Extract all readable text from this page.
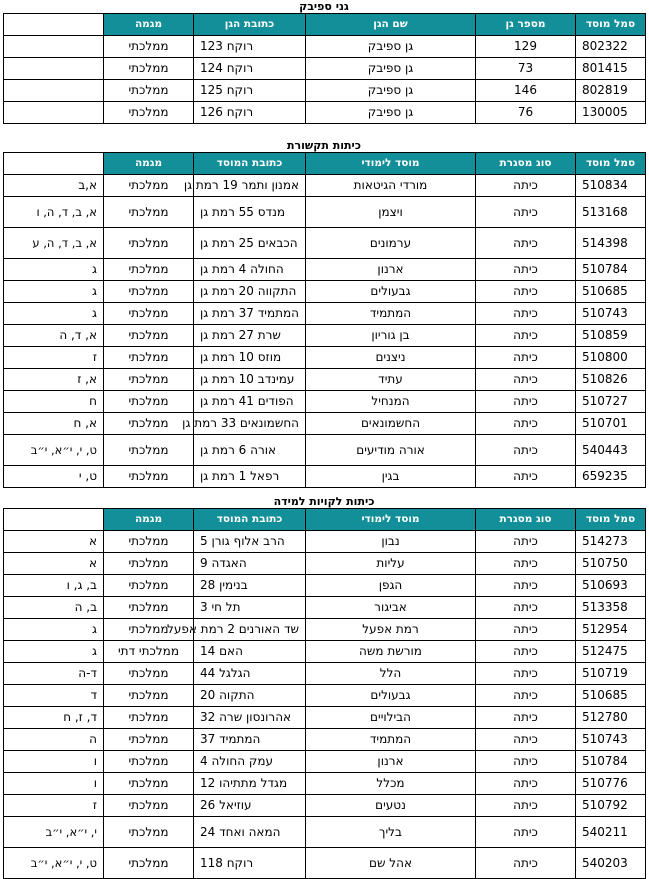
גני ספיבק
סמל מוסד	מספר גן	שם הגן	כתובת הגן	מגמה	
802322	129	גן ספיבק	רוקח 123	ממלכתי	
801415	73	גן ספיבק	רוקח 124	ממלכתי	
802819	146	גן ספיבק	רוקח 125	ממלכתי	
130005	76	גן ספיבק	רוקח 126	ממלכתי	
כיתות תקשורת
סמל מוסד	סוג מסגרת	מוסד לימודי	כתובת המוסד	מגמה	
510834	כיתה	מורדי הגיטאות	אמנון ותמר 19 רמת גן	ממלכתי	א,ב
513168	כיתה	ויצמן	מנדס 55 רמת גן	ממלכתי	א, ב, ד, ה, ו
514398	כיתה	ערמונים	הכבאים 25 רמת גן	ממלכתי	א, ב, ד, ה, ע
510784	כיתה	ארנון	החולה 4 רמת גן	ממלכתי	ג
510685	כיתה	גבעולים	התקווה 20 רמת גן	ממלכתי	ג
510743	כיתה	המתמיד	המתמיד 37 רמת גן	ממלכתי	ג
510859	כיתה	בן גוריון	שרת 27 רמת גן	ממלכתי	א, ד, ה
510800	כיתה	ניצנים	מוזס 10 רמת גן	ממלכתי	ז
510826	כיתה	עתיד	עמינדב 10 רמת גן	ממלכתי	א, ז
510727	כיתה	המנחיל	הפודים 41 רמת גן	ממלכתי	ח
510701	כיתה	החשמונאים	החשמונאים 33 רמת גן	ממלכתי	א, ח
540443	כיתה	אורה מודיעים	אורה 6 רמת גן	ממלכתי	ט, י, י״א, י״ב
659235	כיתה	בגין	רפאל 1 רמת גן	ממלכתי	ט, י
כיתות לקויות למידה
סמל מוסד	סוג מסגרת	מוסד לימודי	כתובת המוסד	מגמה	
514273	כיתה	נבון	הרב אלוף גורן 5	ממלכתי	א
510750	כיתה	עליות	האגדה 9	ממלכתי	א
510693	כיתה	הגפן	בנימין 28	ממלכתי	ב, ג, ו
513358	כיתה	אביגור	תל חי 3	ממלכתי	ב, ה
512954	כיתה	רמת אפעל	שד האורנים 2 רמת אפעל	ממלכתי	ג
512475	כיתה	מורשת משה	האם 14	ממלכתי דתי	ג
510719	כיתה	הלל	הגלגל 44	ממלכתי	ד-ה
510685	כיתה	גבעולים	התקוה 20	ממלכתי	ד
512780	כיתה	הבילויים	אהרונסון שרה 32	ממלכתי	ד, ז, ח
510743	כיתה	המתמיד	המתמיד 37	ממלכתי	ה
510784	כיתה	ארנון	עמק החולה 4	ממלכתי	ו
510776	כיתה	מכלל	מגדל מתתיהו 12	ממלכתי	ו
510792	כיתה	נטעים	עוזיאל 26	ממלכתי	ז
540211	כיתה	בליך	המאה ואחד 24	ממלכתי	י, י״א, י״ב
540203	כיתה	אהל שם	רוקח 118	ממלכתי	ט, י, י״א, י״ב
